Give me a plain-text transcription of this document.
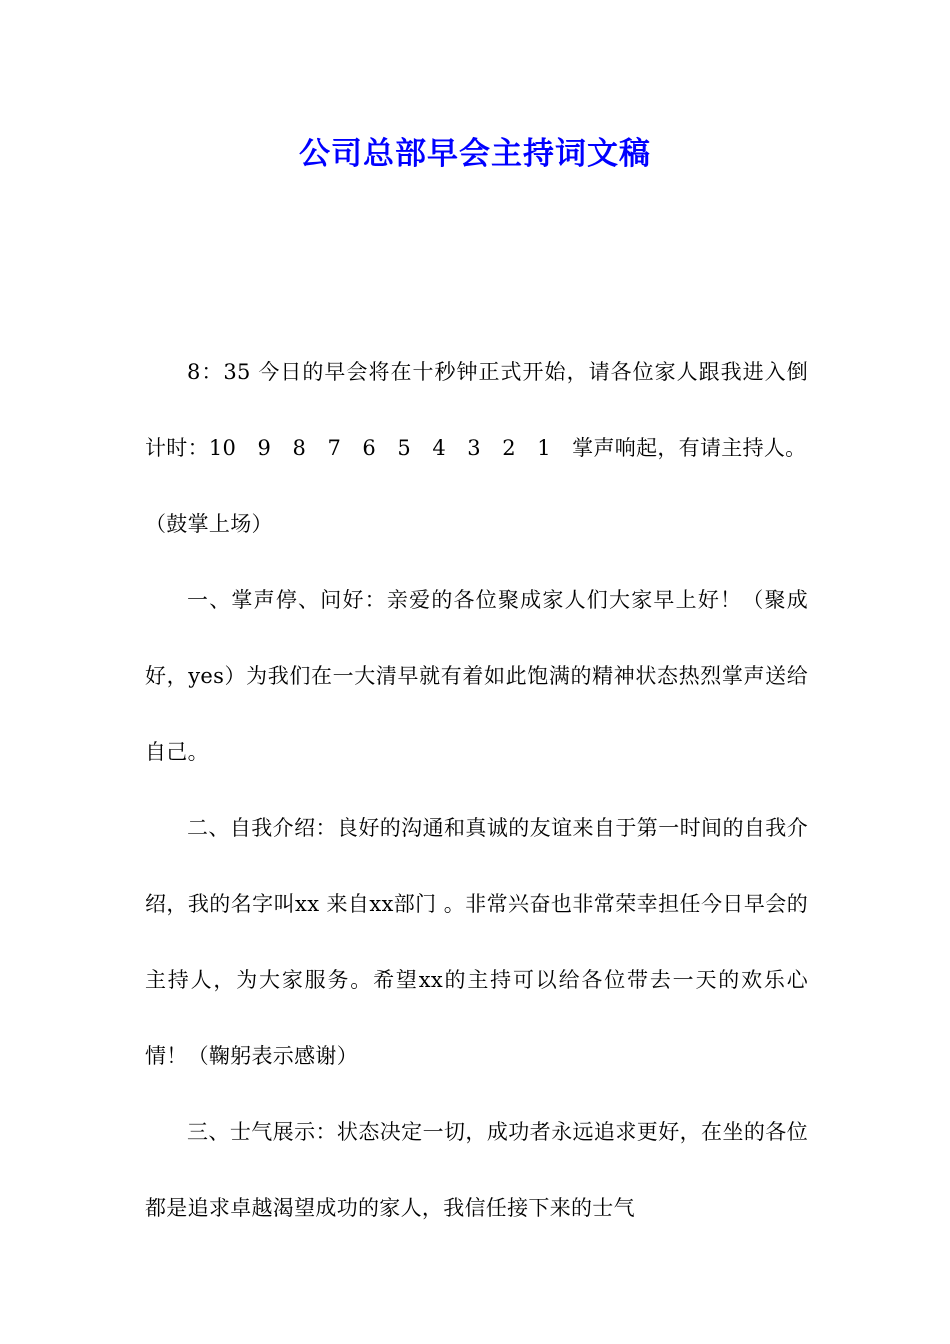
公司总部早会主持词文稿

8：35 今日的早会将在十秒钟正式开始，请各位家人跟我进入倒计时：10　9　8　7　6　5　4　3　2　1　掌声响起，有请主持人。

（鼓掌上场）

一、掌声停、问好：亲爱的各位聚成家人们大家早上好！（聚成好，yes）为我们在一大清早就有着如此饱满的精神状态热烈掌声送给自己。

二、自我介绍：良好的沟通和真诚的友谊来自于第一时间的自我介绍，我的名字叫xx 来自xx部门 。非常兴奋也非常荣幸担任今日早会的主持人，为大家服务。希望xx的主持可以给各位带去一天的欢乐心情！（鞠躬表示感谢）

三、士气展示：状态决定一切，成功者永远追求更好，在坐的各位都是追求卓越渴望成功的家人，我信任接下来的士气
